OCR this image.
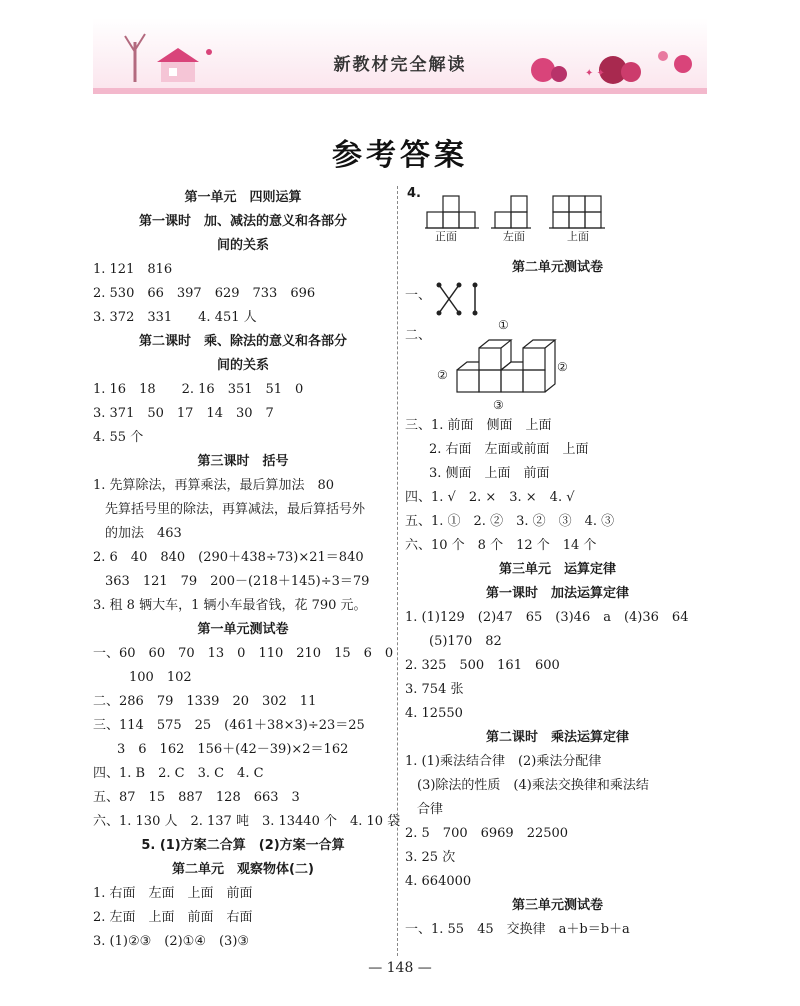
新教材完全解读	✦ ✦
参考答案
第一单元　四则运算
第一课时　加、减法的意义和各部分
间的关系
1. 121　816
2. 530　66　397　629　733　696
3. 372　331　　4. 451 人
第二课时　乘、除法的意义和各部分
间的关系
1. 16　18　　2. 16　351　51　0
3. 371　50　17　14　30　7
4. 55 个
第三课时　括号
1. 先算除法，再算乘法，最后算加法　80
先算括号里的除法，再算减法，最后算括号外
的加法　463
2. 6　40　840　(290＋438÷73)×21＝840
363　121　79　200－(218＋145)÷3＝79
3. 租 8 辆大车，1 辆小车最省钱，花 790 元。
第一单元测试卷
一、60　60　70　13　0　110　210　15　6　0
100　102
二、286　79　1339　20　302　11
三、114　575　25　(461＋38×3)÷23＝25
3　6　162　156＋(42－39)×2＝162
四、1. B　2. C　3. C　4. C
五、87　15　887　128　663　3
六、1. 130 人　2. 137 吨　3. 13440 个　4. 10 袋
5. (1)方案二合算　(2)方案一合算
第二单元　观察物体(二)
1. 右面　左面　上面　前面
2. 左面　上面　前面　右面
3. (1)②③　(2)①④　(3)③
4.
正面	左面	上面
第二单元测试卷
一、
二、
①
②
②
③
三、1. 前面　侧面　上面
2. 右面　左面或前面　上面
3. 侧面　上面　前面
四、1. √　2. ×　3. ×　4. √
五、1. ①　2. ②　3. ②　③　4. ③
六、10 个　8 个　12 个　14 个
第三单元　运算定律
第一课时　加法运算定律
1. (1)129　(2)47　65　(3)46　a　(4)36　64
(5)170　82
2. 325　500　161　600
3. 754 张
4. 12550
第二课时　乘法运算定律
1. (1)乘法结合律　(2)乘法分配律
(3)除法的性质　(4)乘法交换律和乘法结
合律
2. 5　700　6969　22500
3. 25 次
4. 664000
第三单元测试卷
一、1. 55　45　交换律　a＋b＝b＋a
— 148 —
